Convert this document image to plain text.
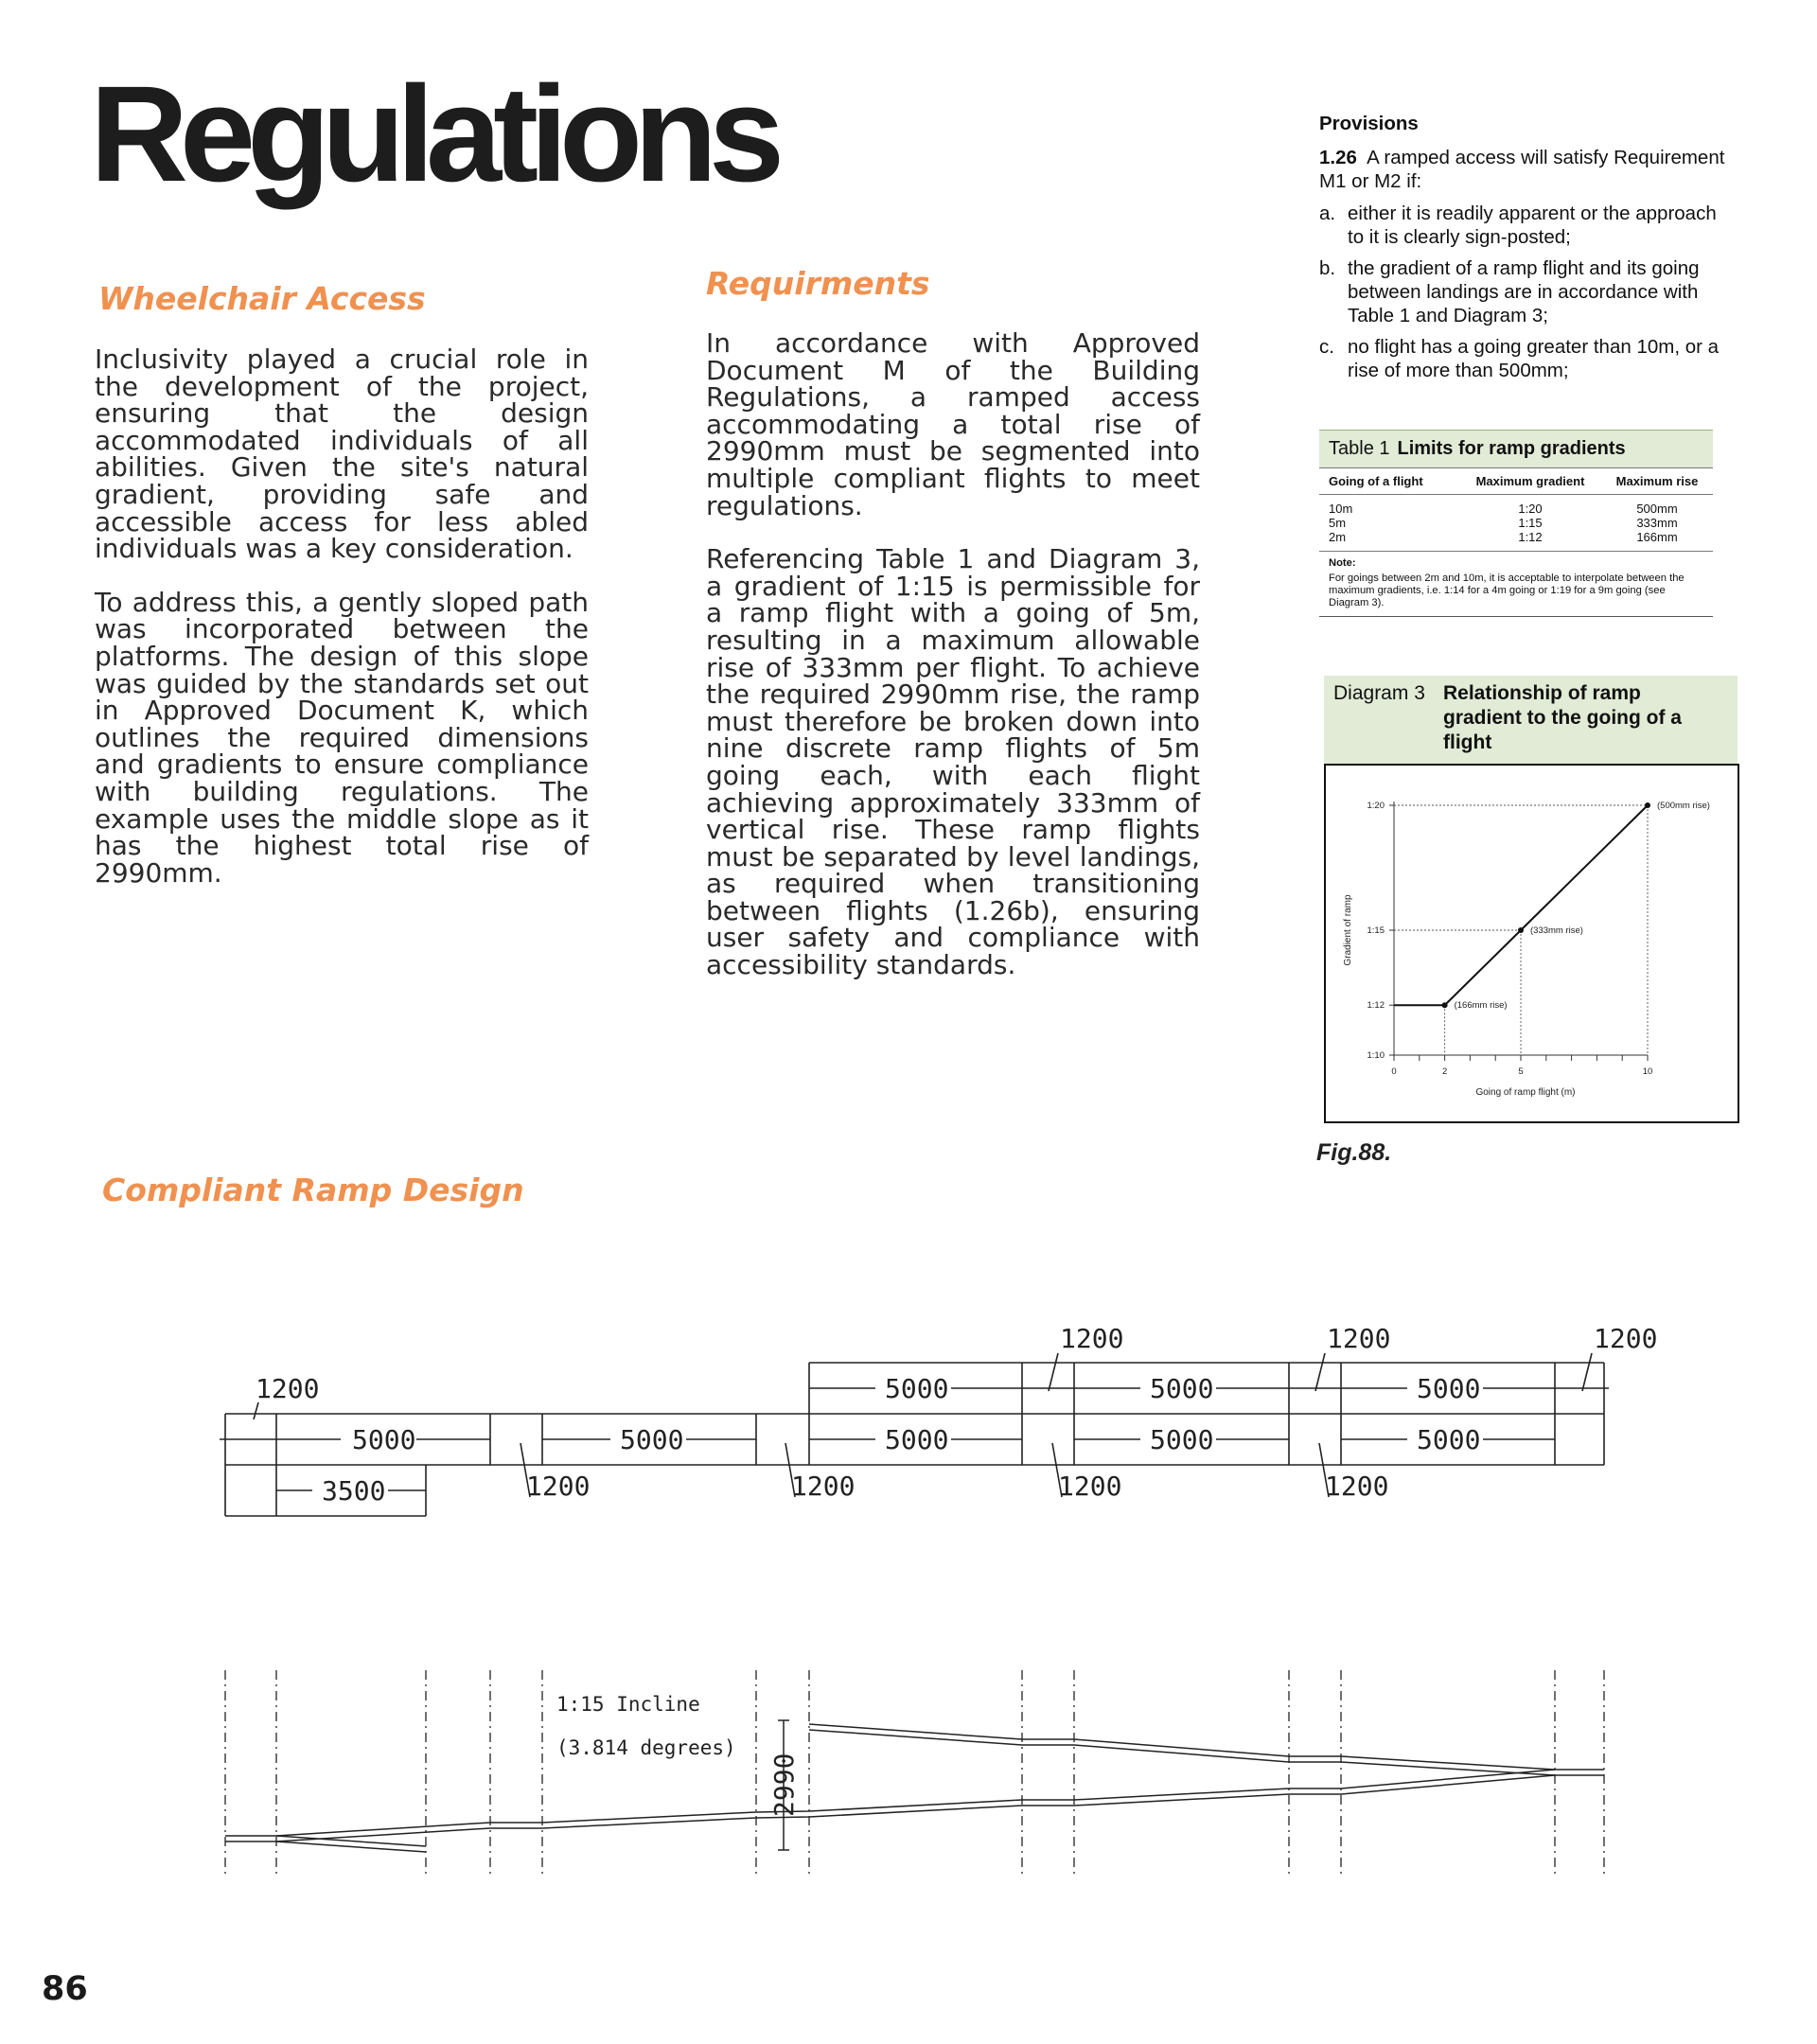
Regulations
Wheelchair Access

Inclusivity played a crucial role in the development of the project, ensuring that the design accommodated individuals of all abilities. Given the site's natural gradient, providing safe and accessible access for less abled individuals was a key consideration.

To address this, a gently sloped path was incorporated between the platforms. The design of this slope was guided by the standards set out in Approved Document K, which outlines the required dimensions and gradients to ensure compliance with building regulations. The example uses the middle slope as it has the highest total rise of 2990mm.

Requirments

In accordance with Approved Document M of the Building Regulations, a ramped access accommodating a total rise of 2990mm must be segmented into multiple compliant flights to meet regulations.

Referencing Table 1 and Diagram 3, a gradient of 1:15 is permissible for a ramp flight with a going of 5m, resulting in a maximum allowable rise of 333mm per flight. To achieve the required 2990mm rise, the ramp must therefore be broken down into nine discrete ramp flights of 5m going each, with each flight achieving approximately 333mm of vertical rise. These ramp flights must be separated by level landings, as required when transitioning between flights (1.26b), ensuring user safety and compliance with accessibility standards.

Provisions

1.26 A ramped access will satisfy Requirement M1 or M2 if:

a. either it is readily apparent or the approach to it is clearly sign-posted;

b. the gradient of a ramp flight and its going between landings are in accordance with Table 1 and Diagram 3;

c. no flight has a going greater than 10m, or a rise of more than 500mm;

Table 1 Limits for ramp gradients
Going of a flight	Maximum gradient	Maximum rise
10m	1:20	500mm
5m	1:15	333mm
2m	1:12	166mm
Note:
For goings between 2m and 10m, it is acceptable to interpolate between the maximum gradients, i.e. 1:14 for a 4m going or 1:19 for a 9m going (see Diagram 3).
Diagram 3 Relationship of ramp gradient to the going of a flight
1:20
1:15
1:12
1:10
0	2	5	10
(166mm rise)
(333mm rise)
(500mm rise)
Going of ramp flight (m)
Gradient of ramp
Fig.88.
Compliant Ramp Design
1200
1200	1200	1200
5000	5000	5000
5000	5000	5000	5000	5000
3500	1200	1200	1200	1200
1:15 Incline
(3.814 degrees)
2990
86
